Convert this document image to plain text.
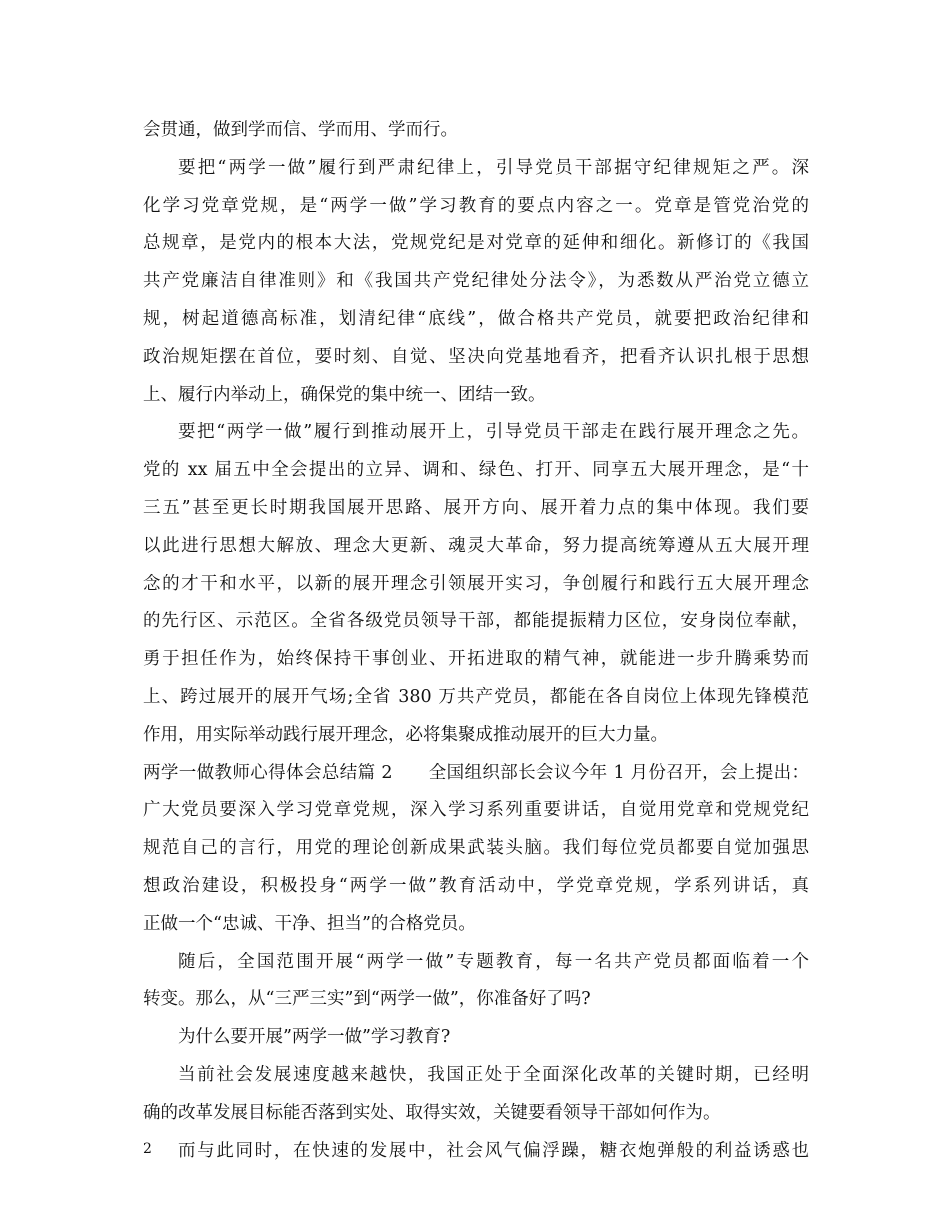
会贯通，做到学而信、学而用、学而行。
要把“两学一做”履行到严肃纪律上，引导党员干部据守纪律规矩之严。深
化学习党章党规，是“两学一做”学习教育的要点内容之一。党章是管党治党的
总规章，是党内的根本大法，党规党纪是对党章的延伸和细化。新修订的《我国
共产党廉洁自律准则》和《我国共产党纪律处分法令》，为悉数从严治党立德立
规，树起道德高标准，划清纪律“底线”，做合格共产党员，就要把政治纪律和
政治规矩摆在首位，要时刻、自觉、坚决向党基地看齐，把看齐认识扎根于思想
上、履行内举动上，确保党的集中统一、团结一致。
要把“两学一做”履行到推动展开上，引导党员干部走在践行展开理念之先。
党的 xx 届五中全会提出的立异、调和、绿色、打开、同享五大展开理念，是“十
三五”甚至更长时期我国展开思路、展开方向、展开着力点的集中体现。我们要
以此进行思想大解放、理念大更新、魂灵大革命，努力提高统筹遵从五大展开理
念的才干和水平，以新的展开理念引领展开实习，争创履行和践行五大展开理念
的先行区、示范区。全省各级党员领导干部，都能提振精力区位，安身岗位奉献，
勇于担任作为，始终保持干事创业、开拓进取的精气神，就能进一步升腾乘势而
上、跨过展开的展开气场;全省 380 万共产党员，都能在各自岗位上体现先锋模范
作用，用实际举动践行展开理念，必将集聚成推动展开的巨大力量。
两学一做教师心得体会总结篇 2　　全国组织部长会议今年 1 月份召开，会上提出：
广大党员要深入学习党章党规，深入学习系列重要讲话，自觉用党章和党规党纪
规范自己的言行，用党的理论创新成果武装头脑。我们每位党员都要自觉加强思
想政治建设，积极投身“两学一做”教育活动中，学党章党规，学系列讲话，真
正做一个“忠诚、干净、担当”的合格党员。
随后，全国范围开展“两学一做”专题教育，每一名共产党员都面临着一个
转变。那么，从“三严三实”到“两学一做”，你准备好了吗?
为什么要开展”两学一做”学习教育?
当前社会发展速度越来越快，我国正处于全面深化改革的关键时期，已经明
确的改革发展目标能否落到实处、取得实效，关键要看领导干部如何作为。
而与此同时，在快速的发展中，社会风气偏浮躁，糖衣炮弹般的利益诱惑也
2
